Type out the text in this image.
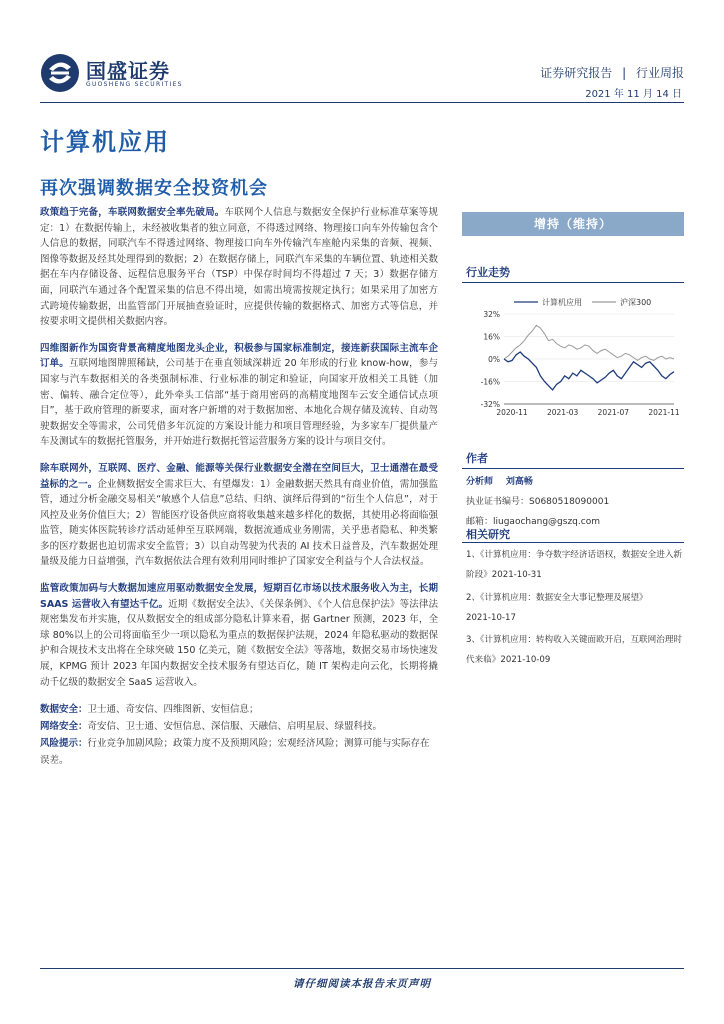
国盛证券
GUOSHENG SECURITIES
证券研究报告 | 行业周报
2021 年 11 月 14 日
计算机应用
再次强调数据安全投资机会

政策趋于完备，车联网数据安全率先破局。车联网个人信息与数据安全保护行业标准草案等规定：1）在数据传输上，未经被收集者的独立同意，不得透过网络、物理接口向车外传输包含个人信息的数据，同联汽车不得透过网络、物理接口向车外传输汽车座舱内采集的音频、视频、图像等数据及经其处理得到的数据；2）在数据存储上，同联汽车采集的车辆位置、轨迹相关数据在车内存储设备、远程信息服务平台（TSP）中保存时间均不得超过 7 天；3）数据存储方面，同联汽车通过各个配置采集的信息不得出境，如需出境需按规定执行；如果采用了加密方式跨境传输数据，出监管部门开展抽查验证时，应提供传输的数据格式、加密方式等信息，并按要求明文提供相关数据内容。

四维图新作为国资背景高精度地图龙头企业，积极参与国家标准制定，接连新获国际主流车企订单。互联网地图牌照稀缺，公司基于在垂直领域深耕近 20 年形成的行业 know-how，参与国家与汽车数据相关的各类强制标准、行业标准的制定和验证，向国家开放相关工具链（加密、偏转、融合定位等），此外牵头工信部“基于商用密码的高精度地图车云安全通信试点项目”，基于政府管理的新要求，面对客户新增的对于数据加密、本地化合规存储及流转、自动驾驶数据安全等需求，公司凭借多年沉淀的方案设计能力和项目管理经验，为多家车厂提供量产车及测试车的数据托管服务，并开始进行数据托管运营服务方案的设计与项目交付。

除车联网外，互联网、医疗、金融、能源等关保行业数据安全潜在空间巨大，卫士通潜在最受益标的之一。企业侧数据安全需求巨大、有望爆发：1）金融数据天然具有商业价值，需加强监管，通过分析金融交易相关“敏感个人信息”总结、归纳、演绎后得到的“衍生个人信息”，对于风控及业务价值巨大；2）智能医疗设备供应商将收集越来越多样化的数据，其使用必将面临强监管，随实体医院转诊疗活动延伸至互联网端，数据流通成业务刚需，关乎患者隐私、种类繁多的医疗数据也迫切需求安全监管；3）以自动驾驶为代表的 AI 技术日益普及，汽车数据处理量级及能力日益增强，汽车数据依法合理有效利用同时维护了国家安全利益与个人合法权益。

监管政策加码与大数据加速应用驱动数据安全发展，短期百亿市场以技术服务收入为主，长期 SAAS 运营收入有望达千亿。近期《数据安全法》、《关保条例》、《个人信息保护法》等法律法规密集发布并实施，仅从数据安全的组成部分隐私计算来看，据 Gartner 预测，2023 年，全球 80%以上的公司将面临至少一项以隐私为重点的数据保护法规，2024 年隐私驱动的数据保护和合规技术支出将在全球突破 150 亿美元，随《数据安全法》等落地，数据交易市场快速发展，KPMG 预计 2023 年国内数据安全技术服务有望达百亿，随 IT 架构走向云化，长期将撬动千亿级的数据安全 SaaS 运营收入。

数据安全：卫士通、奇安信、四维图新、安恒信息；
网络安全：奇安信、卫士通、安恒信息、深信服、天融信、启明星辰、绿盟科技。
风险提示：行业竞争加剧风险；政策力度不及预期风险；宏观经济风险；测算可能与实际存在误差。
增持（维持）
行业走势
计算机应用	沪深300
32%
16%
0%
-16%
-32%
2020-11	2021-03	2021-07	2021-11
作者
分析师 刘高畅
执业证书编号：S0680518090001
邮箱：liugaochang@gszq.com
相关研究
1、《计算机应用：争夺数字经济话语权，数据安全进入新阶段》2021-10-31
2、《计算机应用：数据安全大事记整理及展望》
2021-10-17
3、《计算机应用：转构收入关键面欧开启，互联网治理时代来临》2021-10-09
请仔细阅读本报告末页声明
